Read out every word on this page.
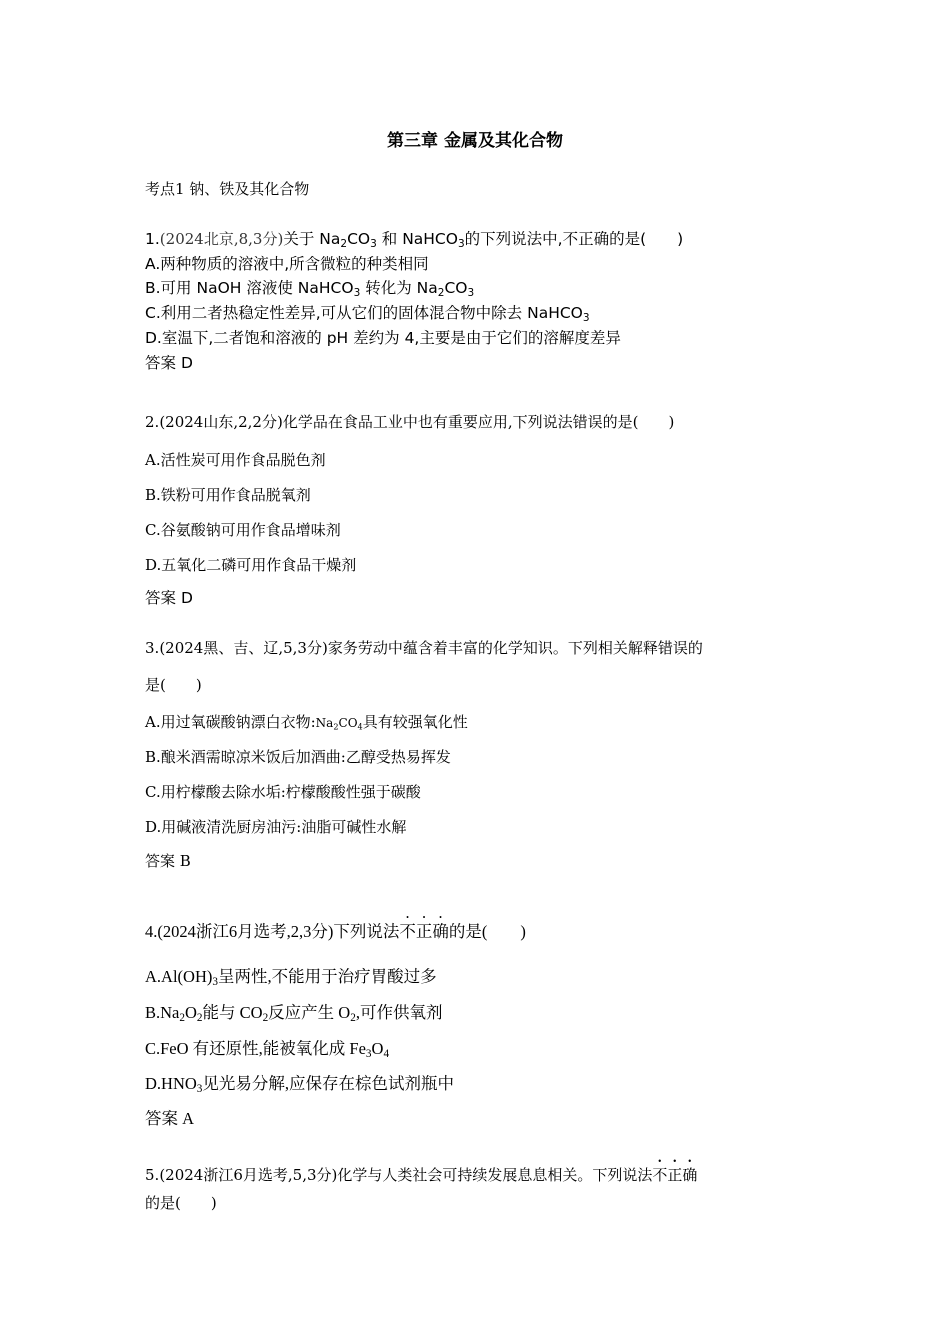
第三章 金属及其化合物
考点1 钠、铁及其化合物
1.(2024北京,8,3分)关于 $Na_2CO_3$ 和 NaHCO$_3$的下列说法中,不正确的是(  )
A.两种物质的溶液中,所含微粒的种类相同
B.可用 NaOH 溶液使 NaHCO$_3$ 转化为 $Na_2CO_3$
C.利用二者热稳定性差异,可从它们的固体混合物中除去 NaHCO$_3$
D.室温下,二者饱和溶液的 pH 差约为 4,主要是由于它们的溶解度差异
答案 D
2.(2024山东,2,2分)化学品在食品工业中也有重要应用,下列说法错误的是(  )
A.活性炭可用作食品脱色剂
B.铁粉可用作食品脱氧剂
C.谷氨酸钠可用作食品增味剂
D.五氧化二磷可用作食品干燥剂
答案 D
3.(2024黑、吉、辽,5,3分)家务劳动中蕴含着丰富的化学知识。下列相关解释错误的
是(  )
A.用过氧碳酸钠漂白衣物$:Na_2CO_4$具有较强氧化性
B.酿米酒需晾凉米饭后加酒曲:乙醇受热易挥发
C.用柠檬酸去除水垢:柠檬酸酸性强于碳酸
D.用碱液清洗厨房油污:油脂可碱性水解
答案 B
4.(2024浙江6月选考,2,3分)下列说法不正确的是(  )
$A.Al(OH)_3$呈两性,不能用于治疗胃酸过多
$B.Na_2O_2$能与 $CO_2$反应产生 $O_2$,可作供氧剂
C.FeO 有还原性,能被氧化成 $Fe_3O_4$
$D.HNO_3$见光易分解,应保存在棕色试剂瓶中
答案 A
5.(2024浙江6月选考,5,3分)化学与人类社会可持续发展息息相关。下列说法不正确
的是(  )
